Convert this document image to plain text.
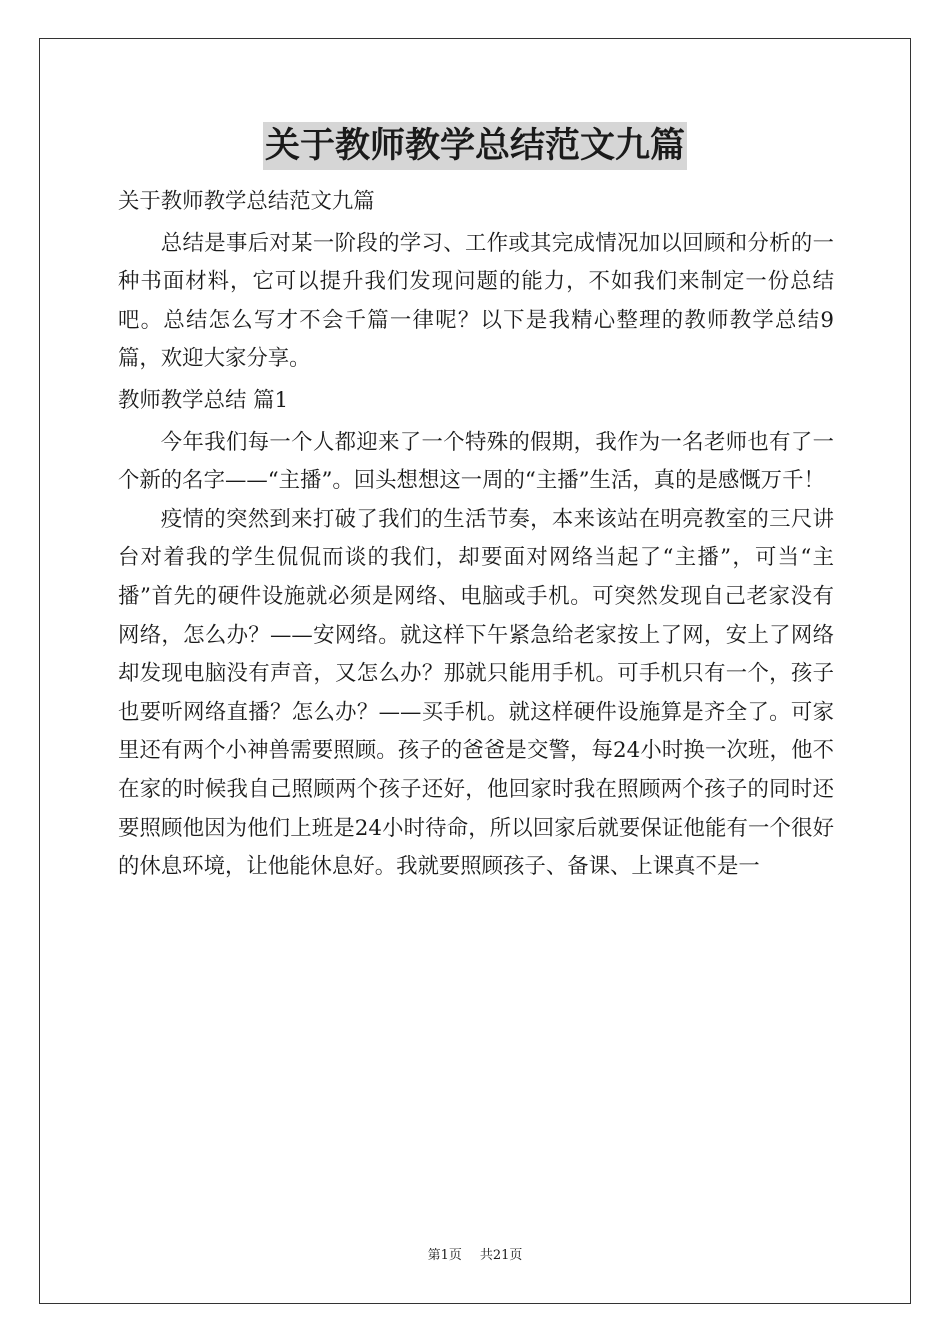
关于教师教学总结范文九篇

关于教师教学总结范文九篇

总结是事后对某一阶段的学习、工作或其完成情况加以回顾和分析的一种书面材料，它可以提升我们发现问题的能力，不如我们来制定一份总结吧。总结怎么写才不会千篇一律呢？以下是我精心整理的教师教学总结9篇，欢迎大家分享。

教师教学总结 篇1

今年我们每一个人都迎来了一个特殊的假期，我作为一名老师也有了一个新的名字——“主播”。回头想想这一周的“主播”生活，真的是感慨万千！

疫情的突然到来打破了我们的生活节奏，本来该站在明亮教室的三尺讲台对着我的学生侃侃而谈的我们，却要面对网络当起了“主播”，可当“主播”首先的硬件设施就必须是网络、电脑或手机。可突然发现自己老家没有网络，怎么办？——安网络。就这样下午紧急给老家按上了网，安上了网络却发现电脑没有声音，又怎么办？那就只能用手机。可手机只有一个，孩子也要听网络直播？怎么办？——买手机。就这样硬件设施算是齐全了。可家里还有两个小神兽需要照顾。孩子的爸爸是交警，每24小时换一次班，他不在家的时候我自己照顾两个孩子还好，他回家时我在照顾两个孩子的同时还要照顾他因为他们上班是24小时待命，所以回家后就要保证他能有一个很好的休息环境，让他能休息好。我就要照顾孩子、备课、上课真不是一

第1页 共21页
